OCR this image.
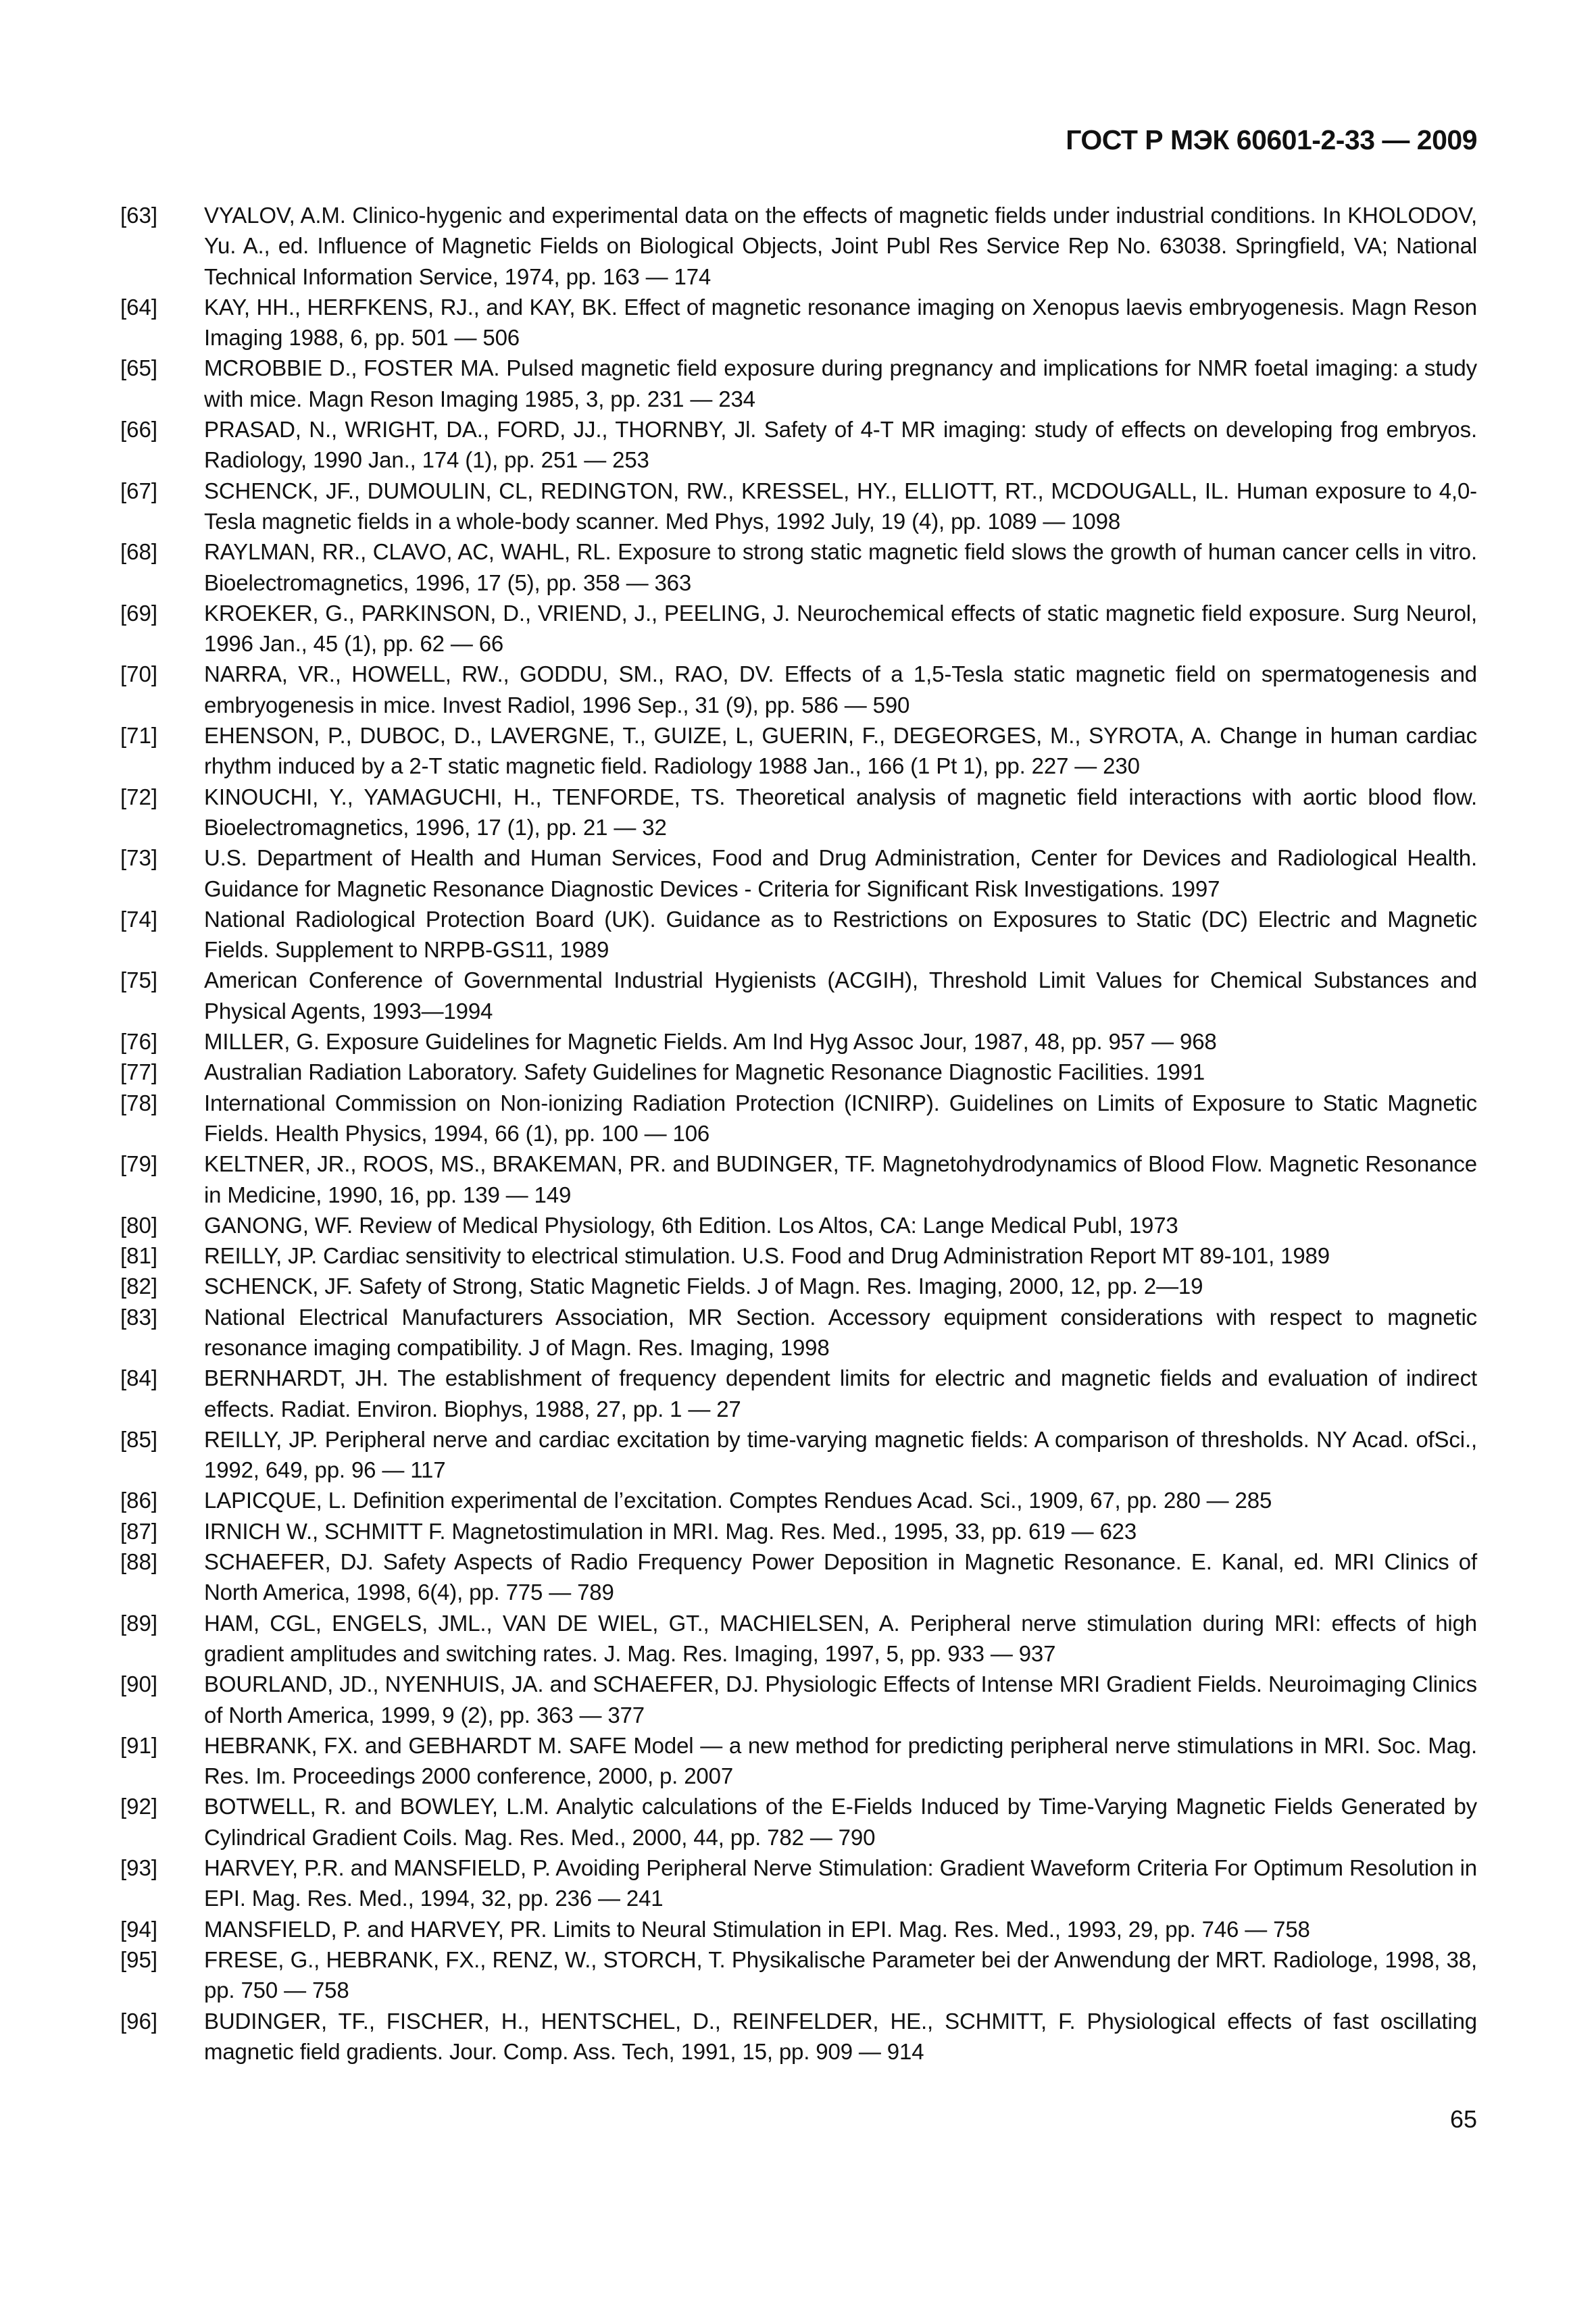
ГОСТ Р МЭК 60601-2-33 — 2009
[63]	VYALOV, A.M. Clinico-hygenic and experimental data on the effects of magnetic fields under industrial conditions. In KHOLODOV, Yu. A., ed. Influence of Magnetic Fields on Biological Objects, Joint Publ Res Service Rep No. 63038. Springfield, VA; National Technical Information Service, 1974, pp. 163 — 174
[64]	KAY, HH., HERFKENS, RJ., and KAY, BK. Effect of magnetic resonance imaging on Xenopus laevis embryogenesis. Magn Reson Imaging 1988, 6, pp. 501 — 506
[65]	MCROBBIE D., FOSTER MA. Pulsed magnetic field exposure during pregnancy and implications for NMR foetal imaging: a study with mice. Magn Reson Imaging 1985, 3, pp. 231 — 234
[66]	PRASAD, N., WRIGHT, DA., FORD, JJ., THORNBY, Jl. Safety of 4-T MR imaging: study of effects on developing frog embryos. Radiology, 1990 Jan., 174 (1), pp. 251 — 253
[67]	SCHENCK, JF., DUMOULIN, CL, REDINGTON, RW., KRESSEL, HY., ELLIOTT, RT., MCDOUGALL, IL. Human exposure to 4,0-Tesla magnetic fields in a whole-body scanner. Med Phys, 1992 July, 19 (4), pp. 1089 — 1098
[68]	RAYLMAN, RR., CLAVO, AC, WAHL, RL. Exposure to strong static magnetic field slows the growth of human cancer cells in vitro. Bioelectromagnetics, 1996, 17 (5), pp. 358 — 363
[69]	KROEKER, G., PARKINSON, D., VRIEND, J., PEELING, J. Neurochemical effects of static magnetic field exposure. Surg Neurol, 1996 Jan., 45 (1), pp. 62 — 66
[70]	NARRA, VR., HOWELL, RW., GODDU, SM., RAO, DV. Effects of a 1,5-Tesla static magnetic field on spermatogenesis and embryogenesis in mice. Invest Radiol, 1996 Sep., 31 (9), pp. 586 — 590
[71]	EHENSON, P., DUBOC, D., LAVERGNE, T., GUIZE, L, GUERIN, F., DEGEORGES, M., SYROTA, A. Change in human cardiac rhythm induced by a 2-T static magnetic field. Radiology 1988 Jan., 166 (1 Pt 1), pp. 227 — 230
[72]	KINOUCHI, Y., YAMAGUCHI, H., TENFORDE, TS. Theoretical analysis of magnetic field interactions with aortic blood flow. Bioelectromagnetics, 1996, 17 (1), pp. 21 — 32
[73]	U.S. Department of Health and Human Services, Food and Drug Administration, Center for Devices and Radiological Health. Guidance for Magnetic Resonance Diagnostic Devices - Criteria for Significant Risk Investigations. 1997
[74]	National Radiological Protection Board (UK). Guidance as to Restrictions on Exposures to Static (DC) Electric and Magnetic Fields. Supplement to NRPB-GS11, 1989
[75]	American Conference of Governmental Industrial Hygienists (ACGIH), Threshold Limit Values for Chemical Substances and Physical Agents, 1993—1994
[76]	MILLER, G. Exposure Guidelines for Magnetic Fields. Am Ind Hyg Assoc Jour, 1987, 48, pp. 957 — 968
[77]	Australian Radiation Laboratory. Safety Guidelines for Magnetic Resonance Diagnostic Facilities. 1991
[78]	International Commission on Non-ionizing Radiation Protection (ICNIRP). Guidelines on Limits of Exposure to Static Magnetic Fields. Health Physics, 1994, 66 (1), pp. 100 — 106
[79]	KELTNER, JR., ROOS, MS., BRAKEMAN, PR. and BUDINGER, TF. Magnetohydrodynamics of Blood Flow. Magnetic Resonance in Medicine, 1990, 16, pp. 139 — 149
[80]	GANONG, WF. Review of Medical Physiology, 6th Edition. Los Altos, CA: Lange Medical Publ, 1973
[81]	REILLY, JP. Cardiac sensitivity to electrical stimulation. U.S. Food and Drug Administration Report MT 89-101, 1989
[82]	SCHENCK, JF. Safety of Strong, Static Magnetic Fields. J of Magn. Res. Imaging, 2000, 12, pp. 2—19
[83]	National Electrical Manufacturers Association, MR Section. Accessory equipment considerations with respect to magnetic resonance imaging compatibility. J of Magn. Res. Imaging, 1998
[84]	BERNHARDT, JH. The establishment of frequency dependent limits for electric and magnetic fields and evaluation of indirect effects. Radiat. Environ. Biophys, 1988, 27, pp. 1 — 27
[85]	REILLY, JP. Peripheral nerve and cardiac excitation by time-varying magnetic fields: A comparison of thresholds. NY Acad. ofSci., 1992, 649, pp. 96 — 117
[86]	LAPICQUE, L. Definition experimental de l’excitation. Comptes Rendues Acad. Sci., 1909, 67, pp. 280 — 285
[87]	IRNICH W., SCHMITT F. Magnetostimulation in MRI. Mag. Res. Med., 1995, 33, pp. 619 — 623
[88]	SCHAEFER, DJ. Safety Aspects of Radio Frequency Power Deposition in Magnetic Resonance. E. Kanal, ed. MRI Clinics of North America, 1998, 6(4), pp. 775 — 789
[89]	HAM, CGL, ENGELS, JML., VAN DE WIEL, GT., MACHIELSEN, A. Peripheral nerve stimulation during MRI: effects of high gradient amplitudes and switching rates. J. Mag. Res. Imaging, 1997, 5, pp. 933 — 937
[90]	BOURLAND, JD., NYENHUIS, JA. and SCHAEFER, DJ. Physiologic Effects of Intense MRI Gradient Fields. Neuroimaging Clinics of North America, 1999, 9 (2), pp. 363 — 377
[91]	HEBRANK, FX. and GEBHARDT M. SAFE Model — a new method for predicting peripheral nerve stimulations in MRI. Soc. Mag. Res. Im. Proceedings 2000 conference, 2000, p. 2007
[92]	BOTWELL, R. and BOWLEY, L.M. Analytic calculations of the E-Fields Induced by Time-Varying Magnetic Fields Generated by Cylindrical Gradient Coils. Mag. Res. Med., 2000, 44, pp. 782 — 790
[93]	HARVEY, P.R. and MANSFIELD, P. Avoiding Peripheral Nerve Stimulation: Gradient Waveform Criteria For Optimum Resolution in EPI. Mag. Res. Med., 1994, 32, pp. 236 — 241
[94]	MANSFIELD, P. and HARVEY, PR. Limits to Neural Stimulation in EPI. Mag. Res. Med., 1993, 29, pp. 746 — 758
[95]	FRESE, G., HEBRANK, FX., RENZ, W., STORCH, T. Physikalische Parameter bei der Anwendung der MRT. Radiologe, 1998, 38, pp. 750 — 758
[96]	BUDINGER, TF., FISCHER, H., HENTSCHEL, D., REINFELDER, HE., SCHMITT, F. Physiological effects of fast oscillating magnetic field gradients. Jour. Comp. Ass. Tech, 1991, 15, pp. 909 — 914
65
